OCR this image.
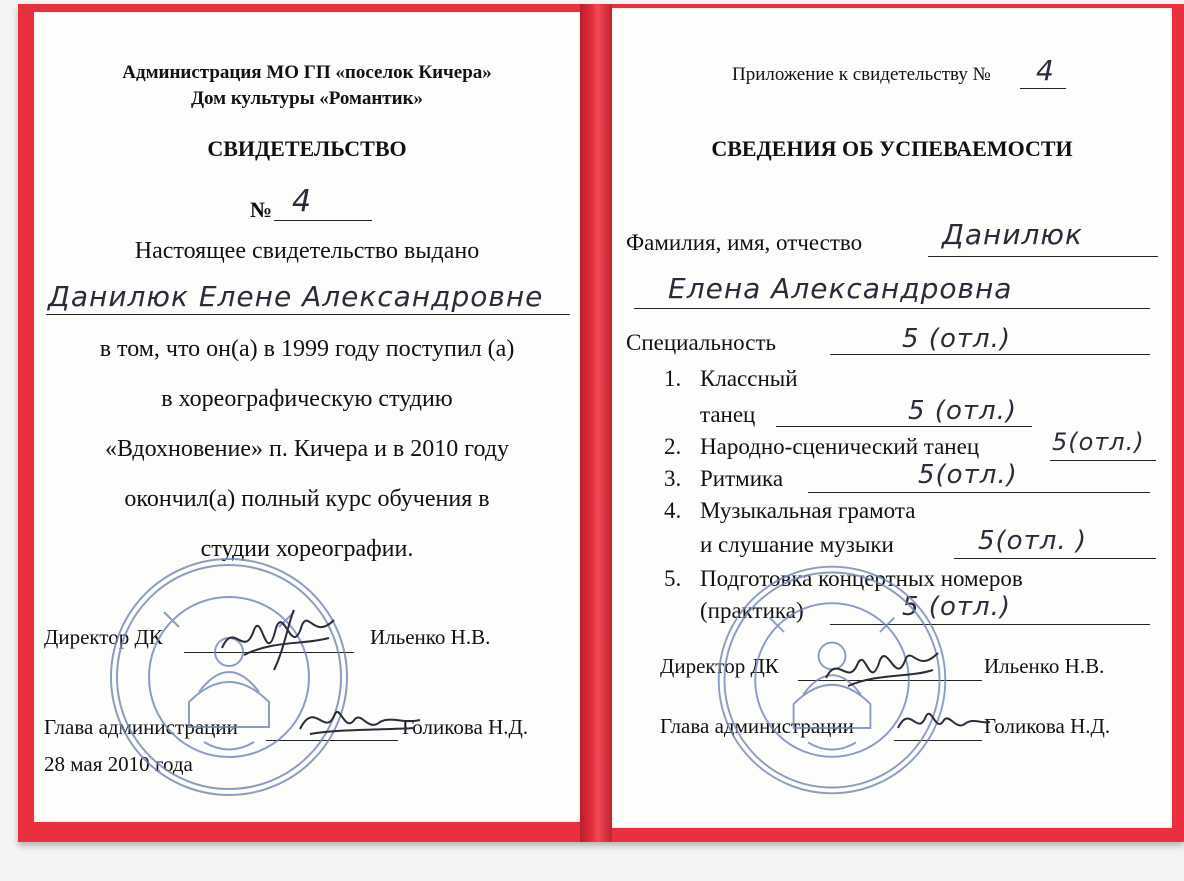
Администрация МО ГП «поселок Кичера»
Дом культуры «Романтик»
СВИДЕТЕЛЬСТВО
№ 4
Настоящее свидетельство выдано
Данилюк Елене Александровне
в том, что он(а) в 1999 году поступил (а)
в хореографическую студию
«Вдохновение» п. Кичера и в 2010 году
окончил(а) полный курс обучения в
студии хореографии.
Директор ДК	Ильенко Н.В.
Глава администрации	Голикова Н.Д.
28 мая 2010 года
Приложение к свидетельству № 4
СВЕДЕНИЯ ОБ УСПЕВАЕМОСТИ
Фамилия, имя, отчество	Данилюк
Елена Александровна
Специальность	5 (отл.)
1. Классный
танец	5 (отл.)
2. Народно-сценический танец	5(отл.)
3. Ритмика	5(отл.)
4. Музыкальная грамота
и слушание музыки	5(отл. )
5. Подготовка концертных номеров
(практика)	5 (отл.)
Директор ДК	Ильенко Н.В.
Глава администрации	Голикова Н.Д.
